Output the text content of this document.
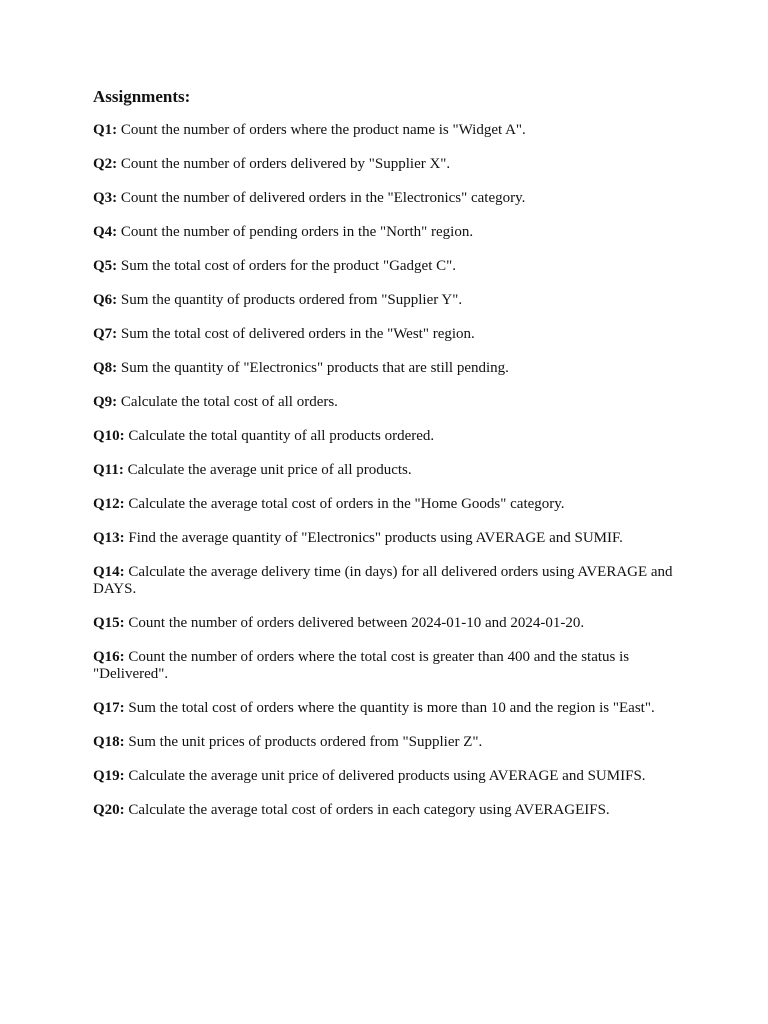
Assignments:
Q1: Count the number of orders where the product name is "Widget A".
Q2: Count the number of orders delivered by "Supplier X".
Q3: Count the number of delivered orders in the "Electronics" category.
Q4: Count the number of pending orders in the "North" region.
Q5: Sum the total cost of orders for the product "Gadget C".
Q6: Sum the quantity of products ordered from "Supplier Y".
Q7: Sum the total cost of delivered orders in the "West" region.
Q8: Sum the quantity of "Electronics" products that are still pending.
Q9: Calculate the total cost of all orders.
Q10: Calculate the total quantity of all products ordered.
Q11: Calculate the average unit price of all products.
Q12: Calculate the average total cost of orders in the "Home Goods" category.
Q13: Find the average quantity of "Electronics" products using AVERAGE and SUMIF.
Q14: Calculate the average delivery time (in days) for all delivered orders using AVERAGE and DAYS.
Q15: Count the number of orders delivered between 2024-01-10 and 2024-01-20.
Q16: Count the number of orders where the total cost is greater than 400 and the status is "Delivered".
Q17: Sum the total cost of orders where the quantity is more than 10 and the region is "East".
Q18: Sum the unit prices of products ordered from "Supplier Z".
Q19: Calculate the average unit price of delivered products using AVERAGE and SUMIFS.
Q20: Calculate the average total cost of orders in each category using AVERAGEIFS.
